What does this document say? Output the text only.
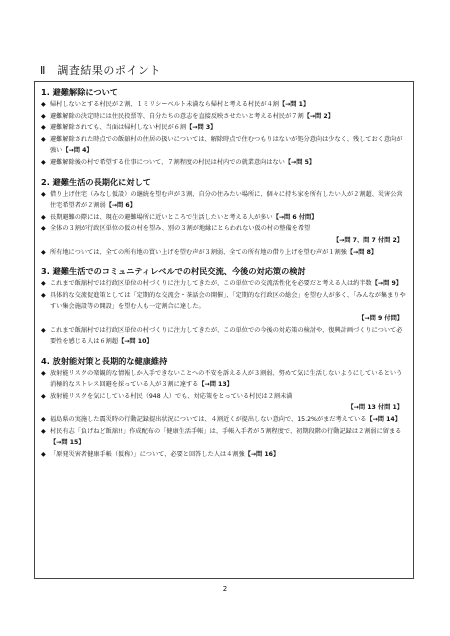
Ⅱ　調査結果のポイント
1. 避難解除について
◆ 帰村しないとする村民が２割、１ミリシーベルト未満なら帰村と考える村民が４割【→問 1】
◆ 避難解除の決定時には住民投票等、自分たちの意志を直接反映させたいと考える村民が７割【→問 2】
◆ 避難解除されても、当面は帰村しない村民が６割【→問 3】
◆ 避難解除された時点での飯舘村の住居の扱いについては、解除時点で住むつもりはないが処分意向は少なく、残しておく意向が強い【→問 4】
◆ 避難解除後の村で希望する仕事について、７割程度の村民は村内での就業意向はない【→問 5】
2. 避難生活の長期化に対して
◆ 借り上げ住宅（みなし仮設）の継続を望む声が３割、自分の住みたい場所に、個々に持ち家を所有したい人が２割超、災害公営住宅希望者が２割弱【→問 6】
◆ 長期避難の際には、現在の避難場所に近いところで生活したいと考える人が多い【→問 6 付問】
◆ 全体の３割が行政区単位の仮の村を望み、別の３割が地縁にとらわれない仮の村の整備を希望
【→問 7、問 7 付問 2】
◆ 所有地については、全ての所有地の買い上げを望む声が３割弱、全ての所有地の借り上げを望む声が１割強【→問 8】
3. 避難生活でのコミュニティレベルでの村民交流、今後の対応策の検討
◆ これまで飯舘村では行政区単位の村づくりに注力してきたが、この単位での交流活性化を必要だと考える人は約半数【→問 9】
◆ 具体的な交流促進策としては「定期的な交流会・茶話会の開催」、「定期的な行政区の総会」を望む人が多く、「みんなが集まりやすい集会施設等の開設」を望む人も一定割合に達した。
【→問 9 付問】
◆ これまで飯舘村では行政区単位の村づくりに注力してきたが、この単位での今後の対応策の検討や、復興計画づくりについて必要性を感じる人は６割超【→問 10】
4. 放射能対策と長期的な健康維持
◆ 放射能リスクの楽観的な情報しか入手できないことへの不安を訴える人が３割弱、努めて気に生活しないようにしているという消極的なストレス回避を採っている人が３割に達する【→問 13】
◆ 放射能リスクを気にしている村民（948 人）でも、対応策をとっている村民は２割未満
【→問 13 付問 1】
◆ 福島県の実施した震災時の行動記録提出状況については、４割近くが提出しない意向で、15.2%がまだ考えている【→問 14】
◆ 村民有志「負げねど飯舘!!」作成配布の「健康生活手帳」は、手帳入手者が５割程度で、初期段階の行動記録は２割弱に留まる【→問 15】
◆ 「原発災害者健康手帳（仮称）」について、必要と回答した人は４割強【→問 16】
2
